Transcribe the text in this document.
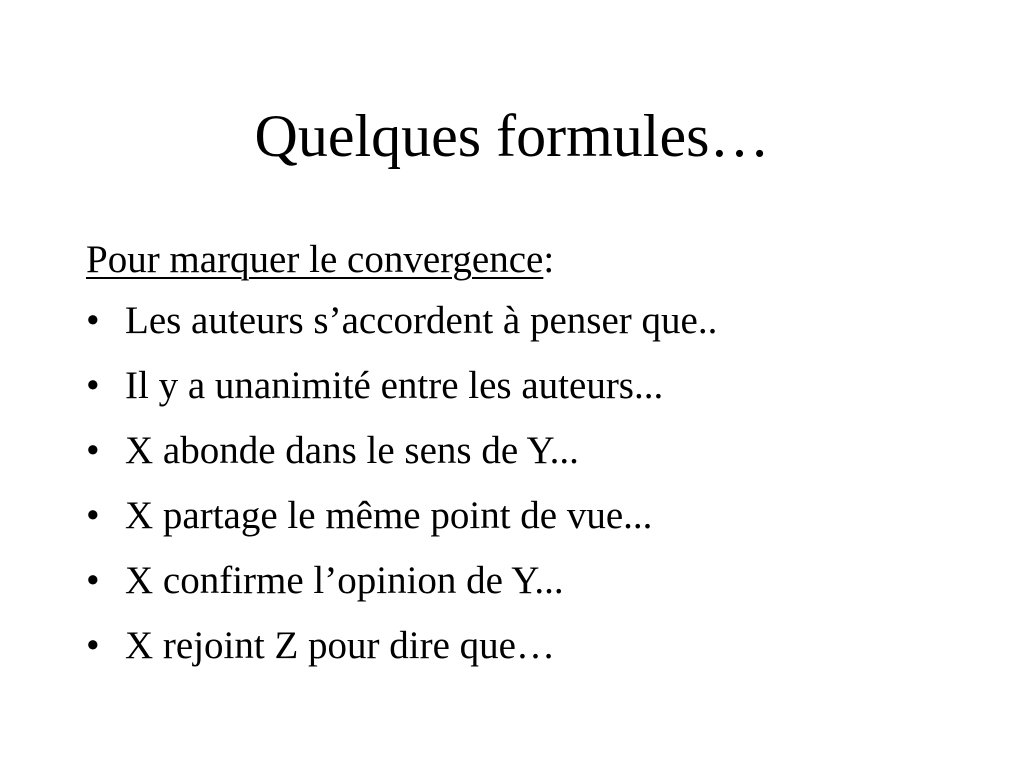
Quelques formules…
Pour marquer le convergence:
• Les auteurs s’accordent à penser que..
• Il y a unanimité entre les auteurs...
• X abonde dans le sens de Y...
• X partage le même point de vue...
• X confirme l’opinion de Y...
• X rejoint Z pour dire que…
